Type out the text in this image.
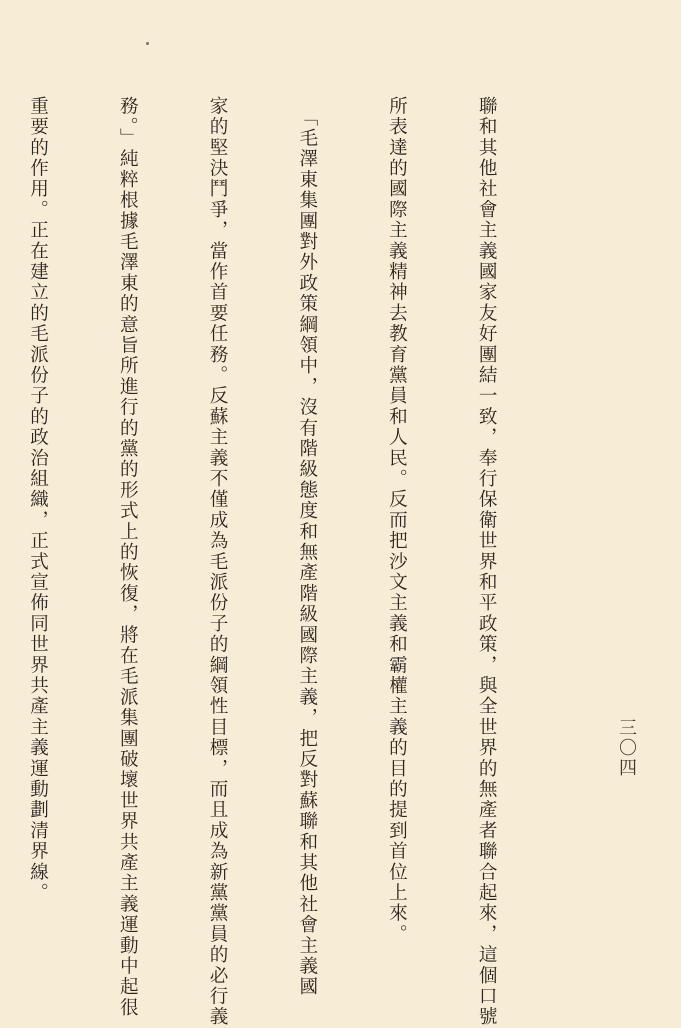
三〇四

聯和其他社會主義國家友好團結一致，奉行保衛世界和平政策，與全世界的無產者聯合起來，這個口號

所表達的國際主義精神去教育黨員和人民。反而把沙文主義和霸權主義的目的提到首位上來。

　「毛澤東集團對外政策綱領中，沒有階級態度和無產階級國際主義，把反對蘇聯和其他社會主義國

家的堅決鬥爭，當作首要任務。反蘇主義不僅成為毛派份子的綱領性目標，而且成為新黨黨員的必行義

務。」純粹根據毛澤東的意旨所進行的黨的形式上的恢復，將在毛派集團破壞世界共產主義運動中起很

重要的作用。正在建立的毛派份子的政治組織，正式宣佈同世界共產主義運動劃清界線。
